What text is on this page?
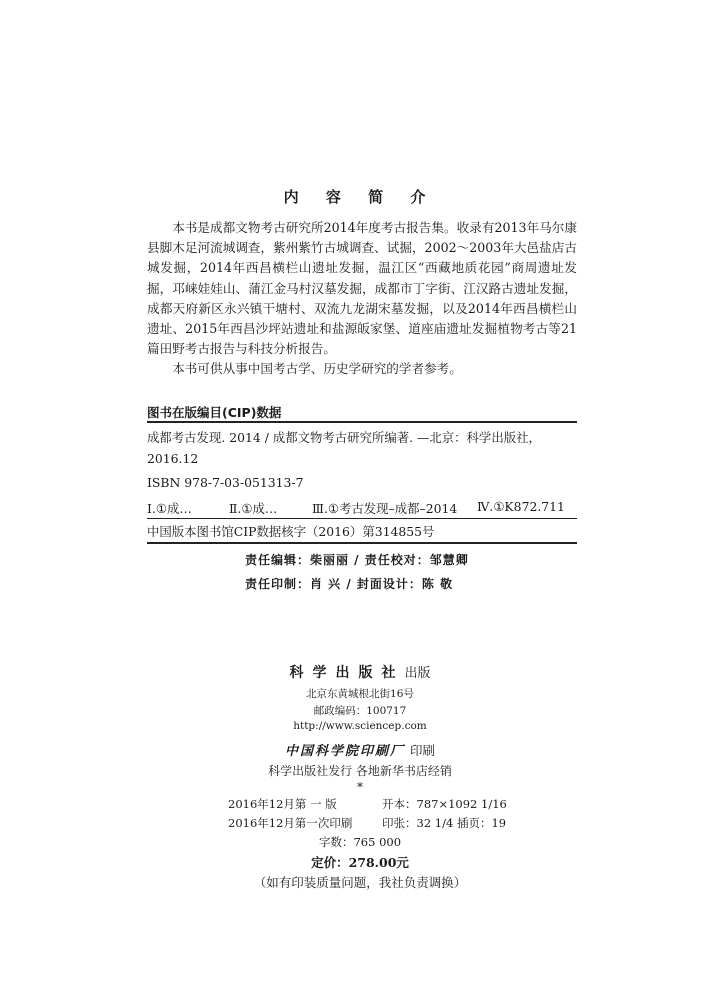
内 容 简 介

本书是成都文物考古研究所2014年度考古报告集。收录有2013年马尔康县脚木足河流城调查，紫州紫竹古城调查、试掘，2002～2003年大邑盐店古城发掘，2014年西昌横栏山遗址发掘，温江区“西藏地质花园”商周遗址发掘，邛崃娃娃山、蒲江金马村汉墓发掘，成都市丁字街、江汉路古遗址发掘，成都天府新区永兴镇干塘村、双流九龙湖宋墓发掘，以及2014年西昌横栏山遗址、2015年西昌沙坪站遗址和盐源皈家堡、道座庙遗址发掘植物考古等21篇田野考古报告与科技分析报告。

本书可供从事中国考古学、历史学研究的学者参考。

图书在版编目(CIP)数据
成都考古发现. 2014 / 成都文物考古研究所编著. —北京：科学出版社，
2016.12
ISBN 978-7-03-051313-7
Ⅰ.①成…	Ⅱ.①成…	Ⅲ.①考古发现–成都–2014 Ⅳ.①K872.711
中国版本图书馆CIP数据核字（2016）第314855号
责任编辑：柴丽丽 / 责任校对：邹慧卿
责任印制：肖 兴 / 封面设计：陈 敬
科学出版社出版
北京东黄城根北街16号
邮政编码：100717
http://www.sciencep.com
中国科学院印刷厂 印刷
科学出版社发行 各地新华书店经销
*
2016年12月第 一 版	开本：787×1092 1/16
2016年12月第一次印刷	印张：32 1/4 插页：19
字数：765 000
定价：278.00元
（如有印装质量问题，我社负责调换）
